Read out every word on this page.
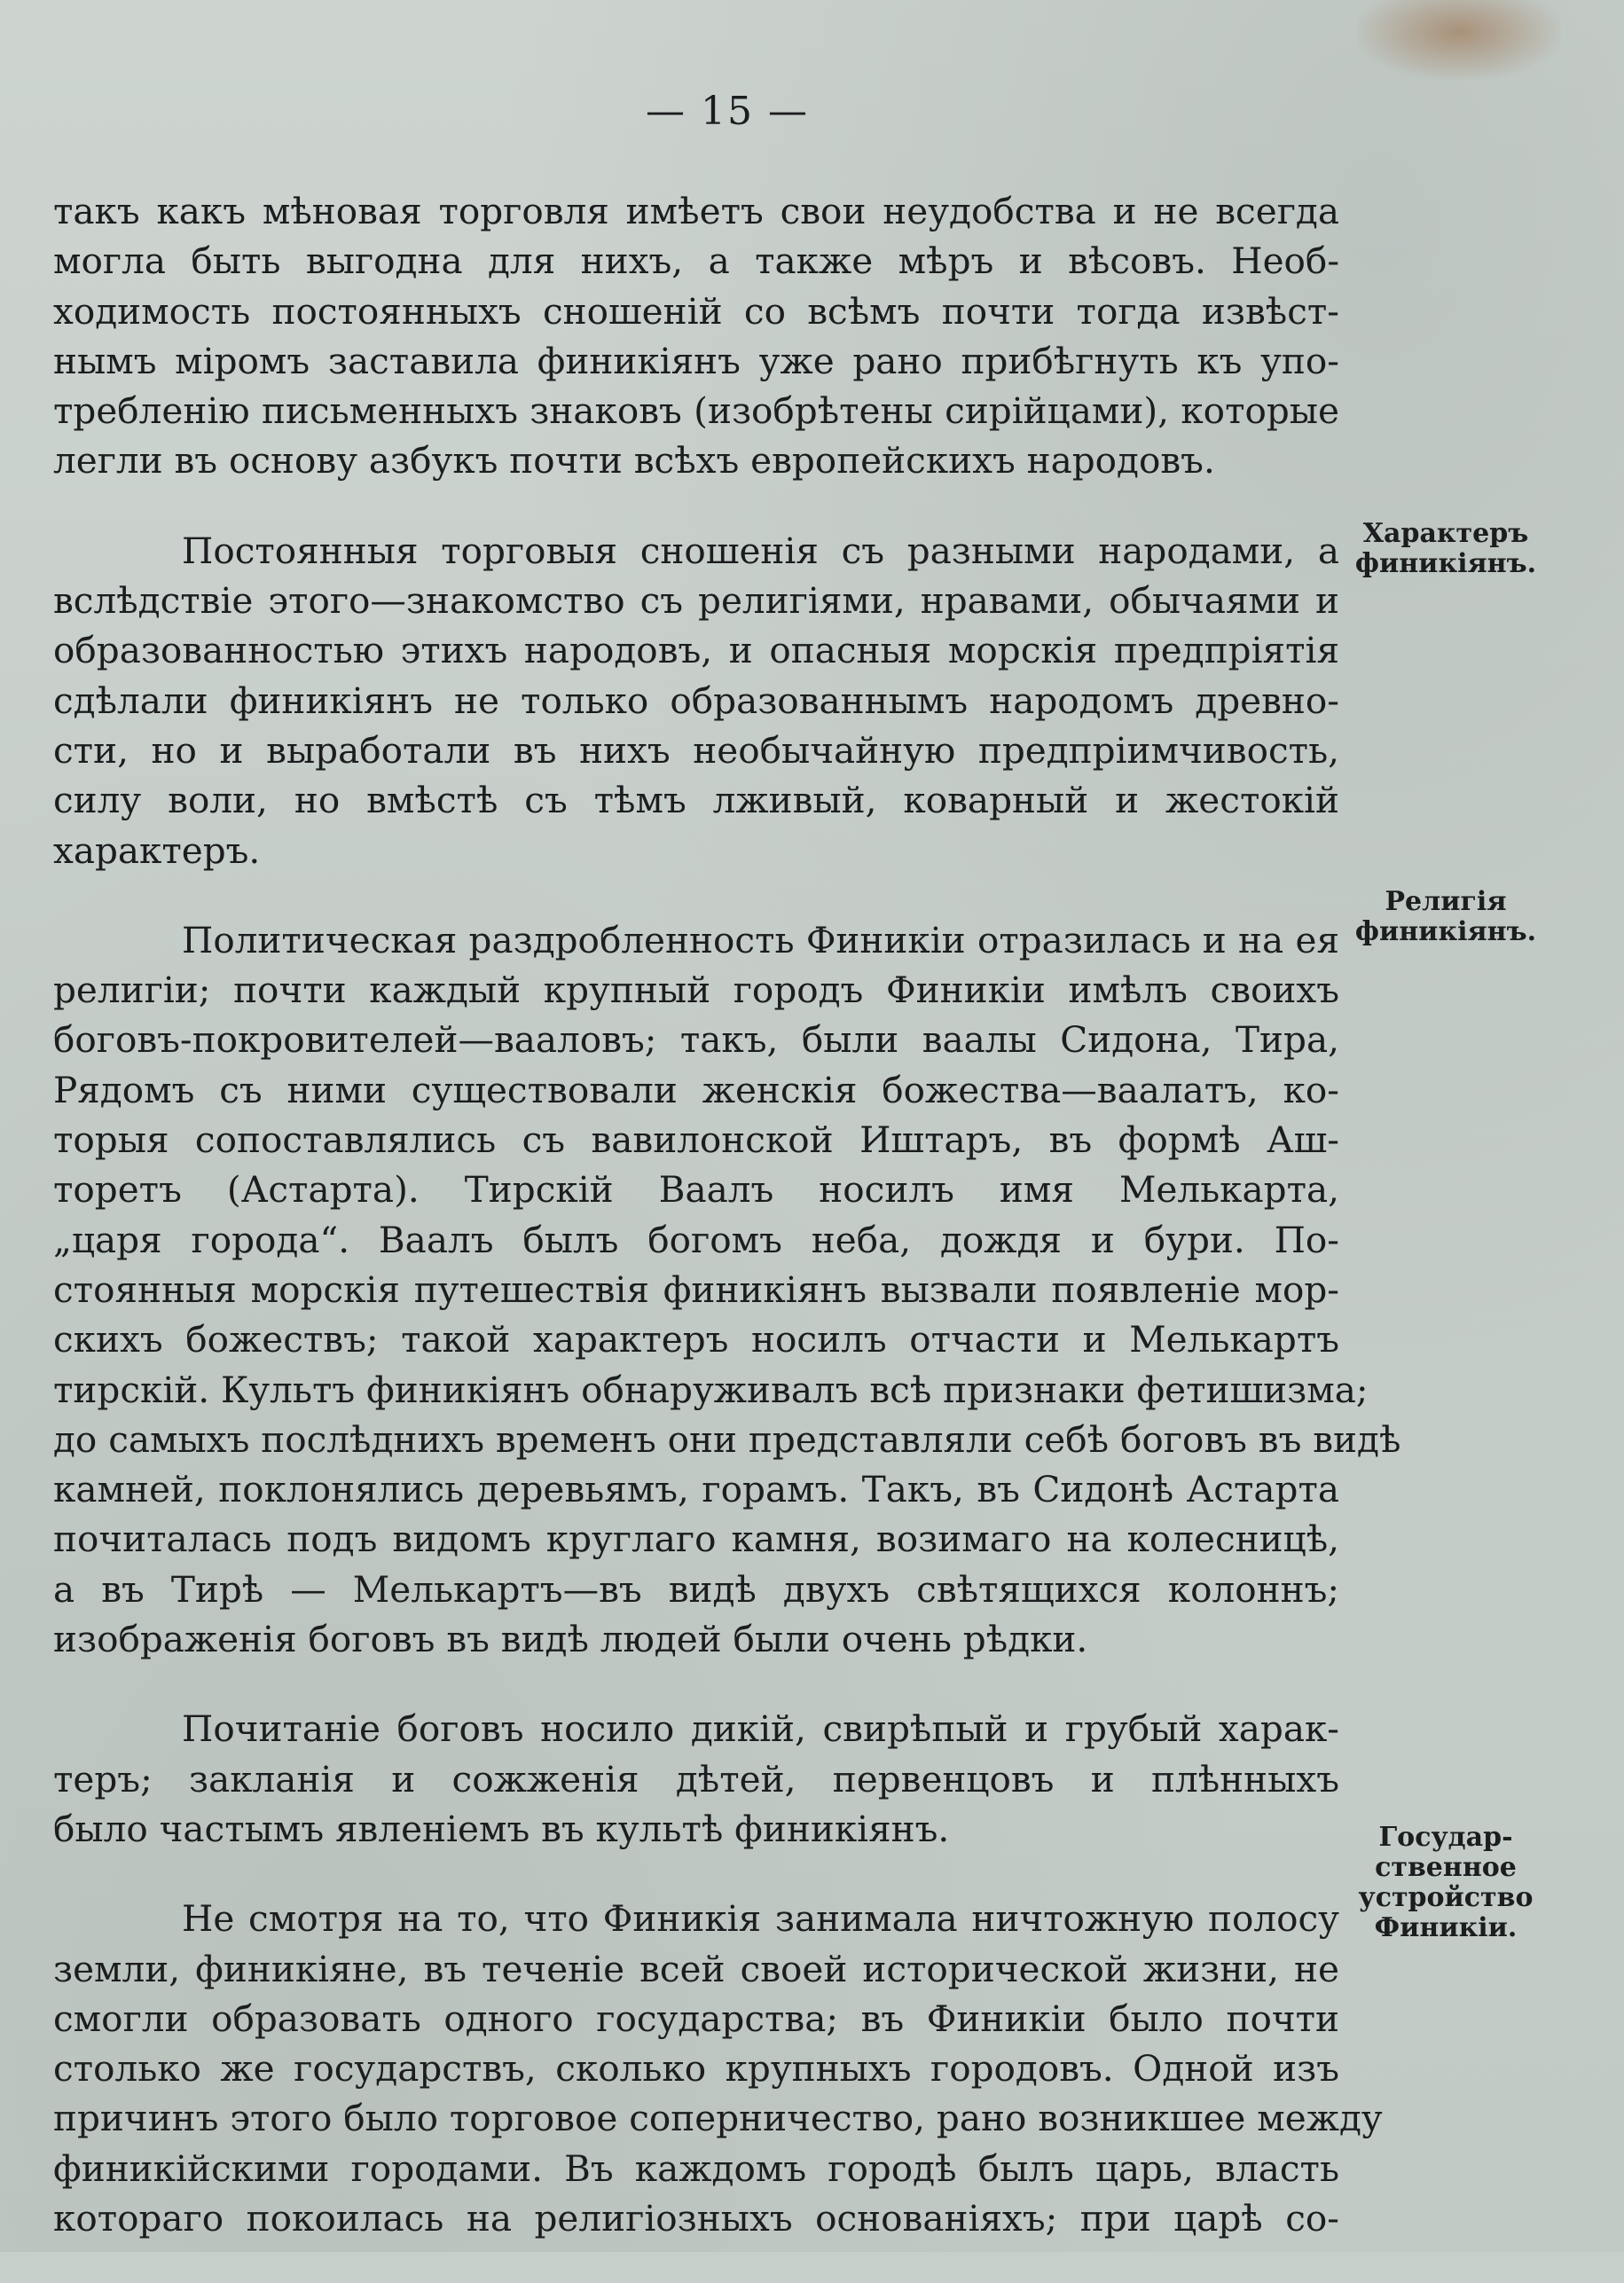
— 15 —
такъ какъ мѣновая торговля имѣетъ свои неудобства и не всегда
могла быть выгодна для нихъ, а также мѣръ и вѣсовъ. Необ-
ходимость постоянныхъ сношеній со всѣмъ почти тогда извѣст-
нымъ міромъ заставила финикіянъ уже рано прибѣгнуть къ упо-
требленію письменныхъ знаковъ (изобрѣтены сирійцами), которые
легли въ основу азбукъ почти всѣхъ европейскихъ народовъ.
Постоянныя торговыя сношенія съ разными народами, а
вслѣдствіе этого—знакомство съ религіями, нравами, обычаями и
образованностью этихъ народовъ, и опасныя морскія предпріятія
сдѣлали финикіянъ не только образованнымъ народомъ древно-
сти, но и выработали въ нихъ необычайную предпріимчивость,
силу воли, но вмѣстѣ съ тѣмъ лживый, коварный и жестокій
характеръ.
Политическая раздробленность Финикіи отразилась и на ея
религіи; почти каждый крупный городъ Финикіи имѣлъ своихъ
боговъ-покровителей—вааловъ; такъ, были ваалы Сидона, Тира,
Рядомъ съ ними существовали женскія божества—ваалатъ, ко-
торыя сопоставлялись съ вавилонской Иштаръ, въ формѣ Аш-
торетъ (Астарта). Тирскій Ваалъ носилъ имя Мелькарта,
„царя города“. Ваалъ былъ богомъ неба, дождя и бури. По-
стоянныя морскія путешествія финикіянъ вызвали появленіе мор-
скихъ божествъ; такой характеръ носилъ отчасти и Мелькартъ
тирскій. Культъ финикіянъ обнаруживалъ всѣ признаки фетишизма;
до самыхъ послѣднихъ временъ они представляли себѣ боговъ въ видѣ
камней, поклонялись деревьямъ, горамъ. Такъ, въ Сидонѣ Астарта
почиталась подъ видомъ круглаго камня, возимаго на колесницѣ,
а въ Тирѣ — Мелькартъ—въ видѣ двухъ свѣтящихся колоннъ;
изображенія боговъ въ видѣ людей были очень рѣдки.
Почитаніе боговъ носило дикій, свирѣпый и грубый харак-
теръ; закланія и сожженія дѣтей, первенцовъ и плѣнныхъ
было частымъ явленіемъ въ культѣ финикіянъ.
Не смотря на то, что Финикія занимала ничтожную полосу
земли, финикіяне, въ теченіе всей своей исторической жизни, не
смогли образовать одного государства; въ Финикіи было почти
столько же государствъ, сколько крупныхъ городовъ. Одной изъ
причинъ этого было торговое соперничество, рано возникшее между
финикійскими городами. Въ каждомъ городѣ былъ царь, власть
котораго покоилась на религіозныхъ основаніяхъ; при царѣ со-
Характеръ
финикіянъ.
Религія
финикіянъ.
Государ-
ственное
устройство
Финикіи.
